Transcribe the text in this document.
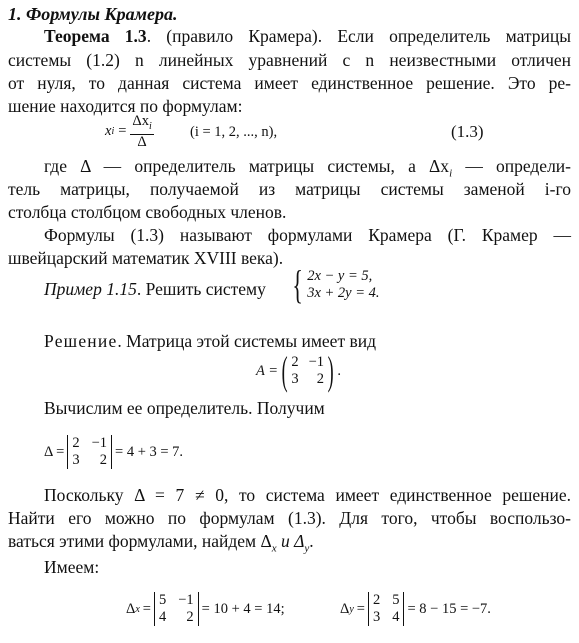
1. Формулы Крамера.
Теорема 1.3. (правило Крамера). Если определитель матрицы
системы (1.2) n линейных уравнений с n неизвестными отличен
от нуля, то данная система имеет единственное решение. Это ре-
шение находится по формулам:
x $i = \frac{\Delta x_i}{\Delta} (i = 1$, 2, ..., n),	(1.3)
где Δ — определитель матрицы системы, а $\Delta x_i$ — определи-
тель матрицы, получаемой из матрицы системы заменой i-го
столбца столбцом свободных членов.
Формулы (1.3) называют формулами Крамера (Г. Крамер —
швейцарский математик XVIII века).
Пример 1.15. Решить систему { 2x − y = 5,
3x + 2y = 4.
Решение. Матрица этой системы имеет вид
A = ( 2 −1
3 2 ) .
Вычислим ее определитель. Получим
Δ =
2 −1
3 2
= 4 + 3 = 7.
Поскольку Δ = 7 ≠ 0, то система имеет единственное решение.
Найти его можно по формулам (1.3). Для того, чтобы воспользо-
ваться этими формулами, найдем $\Delta_x$ и $\Delta_y$.
Имеем:
Δ x =
5 −1
4 2
= 10 + 4 = 14;	Δ y =
2 5
3 4
= 8 − 15 = −7.
